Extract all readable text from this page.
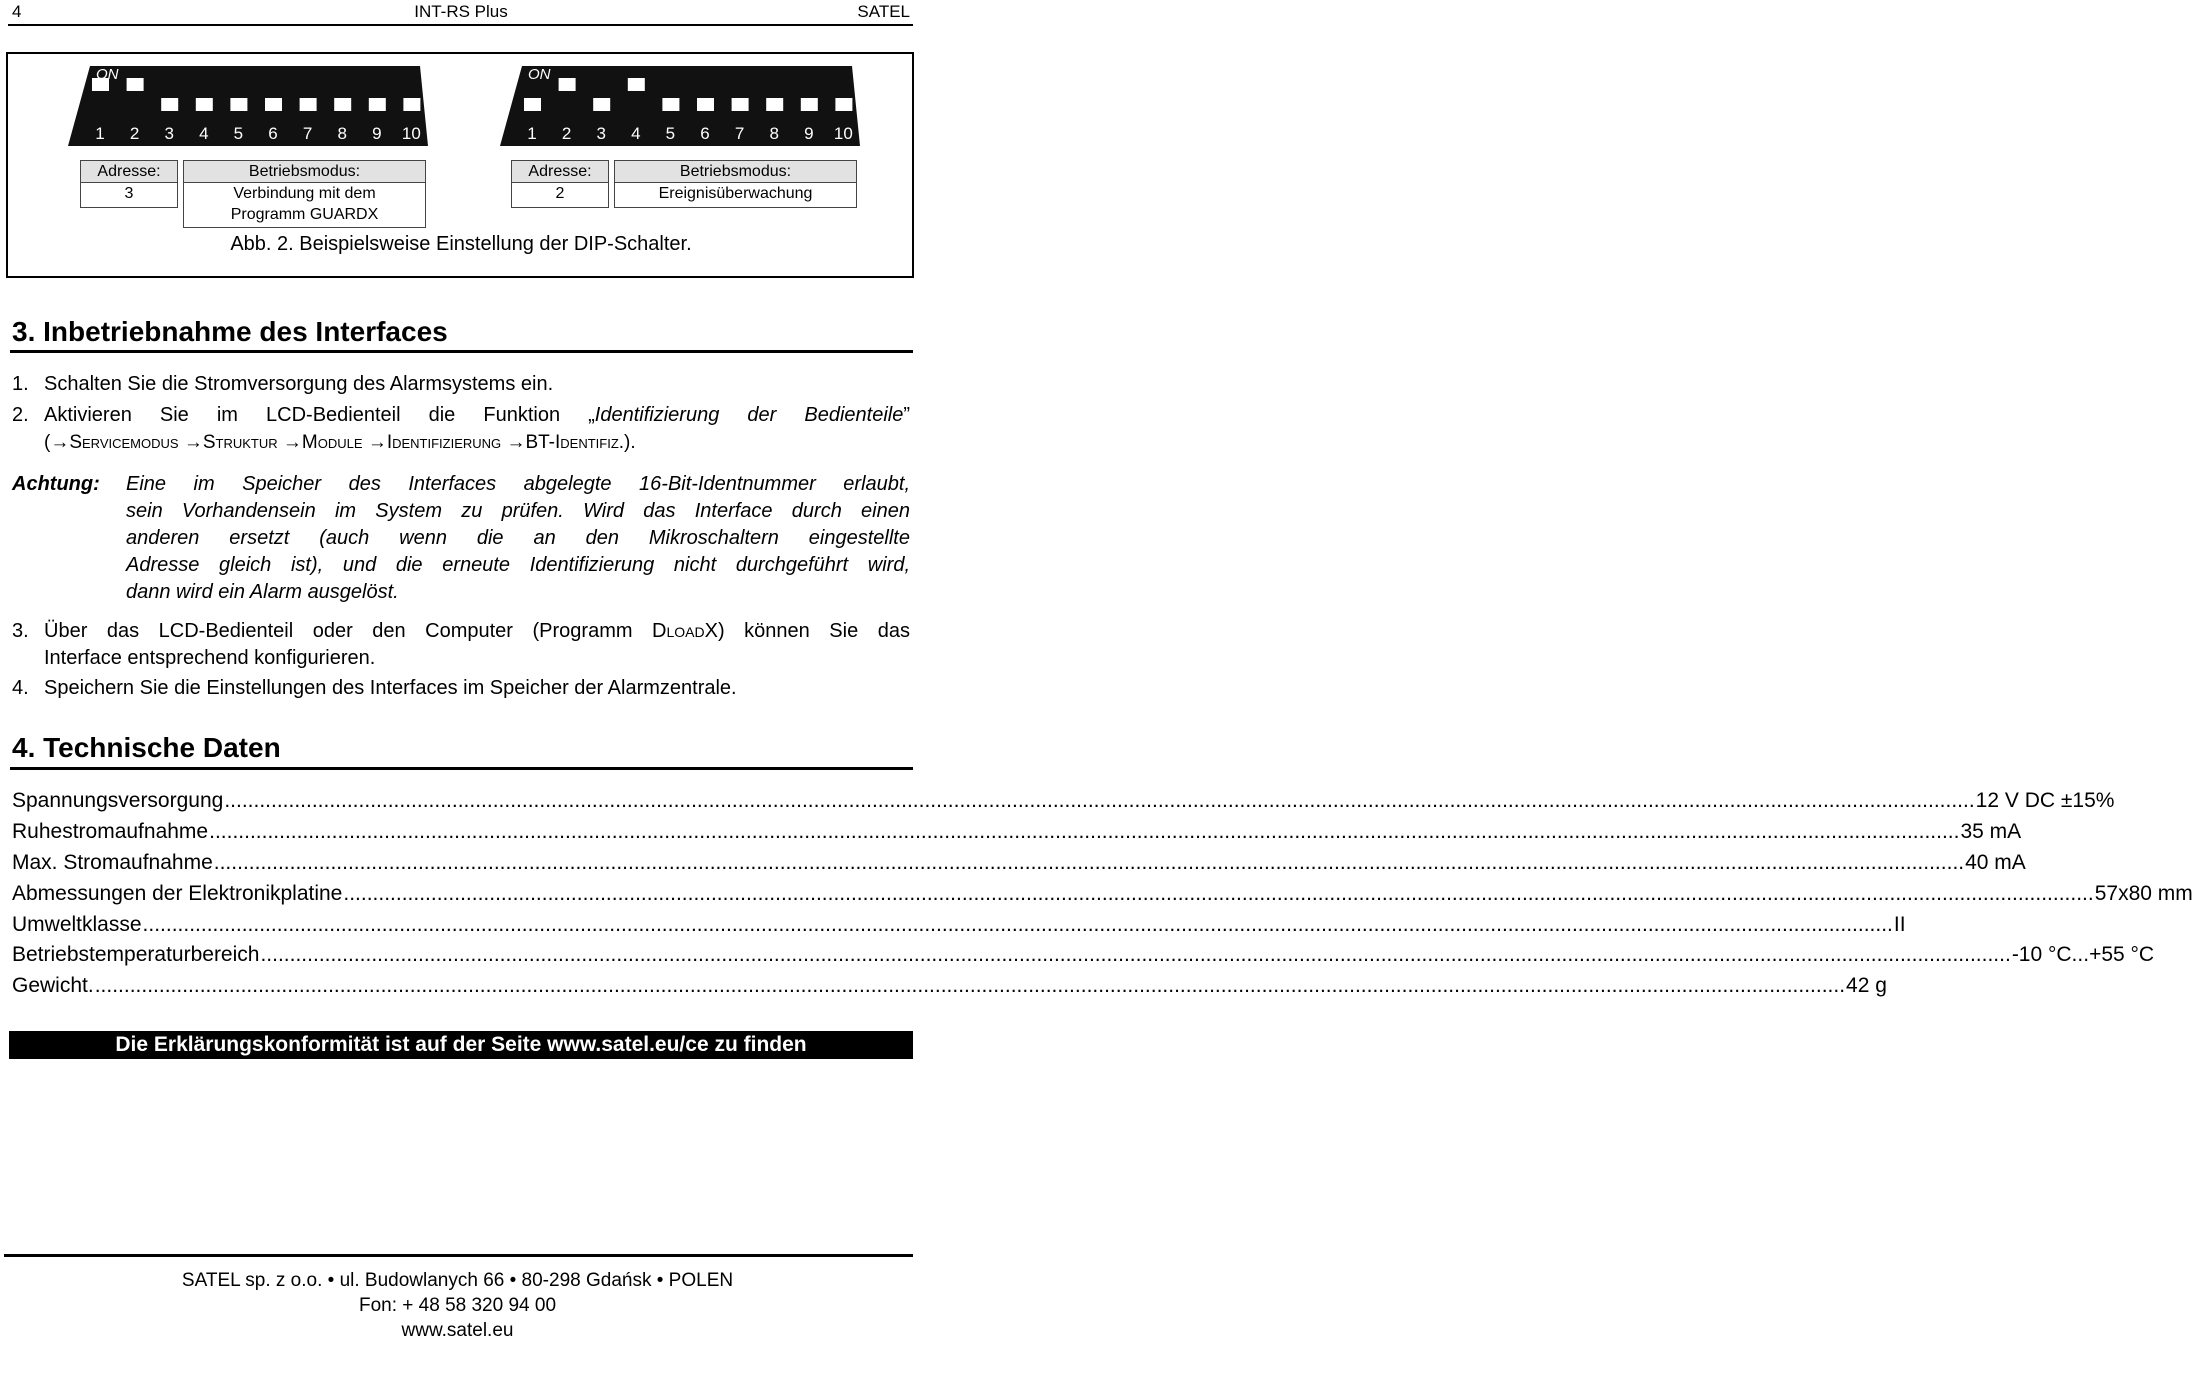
4	INT-RS Plus	SATEL
ON
1	2	3	4	5	6	7	8	9	10
ON
1	2	3	4	5	6	7	8	9	10
Adresse:
3
Betriebsmodus:
Verbindung mit dem
Programm GUARDX
Adresse:
2
Betriebsmodus:
Ereignisüberwachung
Abb. 2. Beispielsweise Einstellung der DIP-Schalter.
3. Inbetriebnahme des Interfaces
1. Schalten Sie die Stromversorgung des Alarmsystems ein.
2. Aktivieren Sie im LCD-Bedienteil die Funktion „Identifizierung der Bedienteile”
(→Servicemodus →Struktur →Module →Identifizierung →BT-Identifiz.).
Achtung: Eine im Speicher des Interfaces abgelegte 16-Bit-Identnummer erlaubt,
sein Vorhandensein im System zu prüfen. Wird das Interface durch einen
anderen ersetzt (auch wenn die an den Mikroschaltern eingestellte
Adresse gleich ist), und die erneute Identifizierung nicht durchgeführt wird,
dann wird ein Alarm ausgelöst.
3. Über das LCD-Bedienteil oder den Computer (Programm DloadX) können Sie das
Interface entsprechend konfigurieren.
4. Speichern Sie die Einstellungen des Interfaces im Speicher der Alarmzentrale.
4. Technische Daten
Spannungsversorgung ............................................................................................................................................................................................................................................................................................................ 12 V DC ±15%
Ruhestromaufnahme ............................................................................................................................................................................................................................................................................................................ 35 mA
Max. Stromaufnahme ............................................................................................................................................................................................................................................................................................................ 40 mA
Abmessungen der Elektronikplatine ............................................................................................................................................................................................................................................................................................................ 57x80 mm
Umweltklasse ............................................................................................................................................................................................................................................................................................................ II
Betriebstemperaturbereich ............................................................................................................................................................................................................................................................................................................ -10 °C...+55 °C
Gewicht. ............................................................................................................................................................................................................................................................................................................ 42 g
Die Erklärungskonformität ist auf der Seite www.satel.eu/ce zu finden
SATEL sp. z o.o. • ul. Budowlanych 66 • 80-298 Gdańsk • POLEN
Fon: + 48 58 320 94 00
www.satel.eu
